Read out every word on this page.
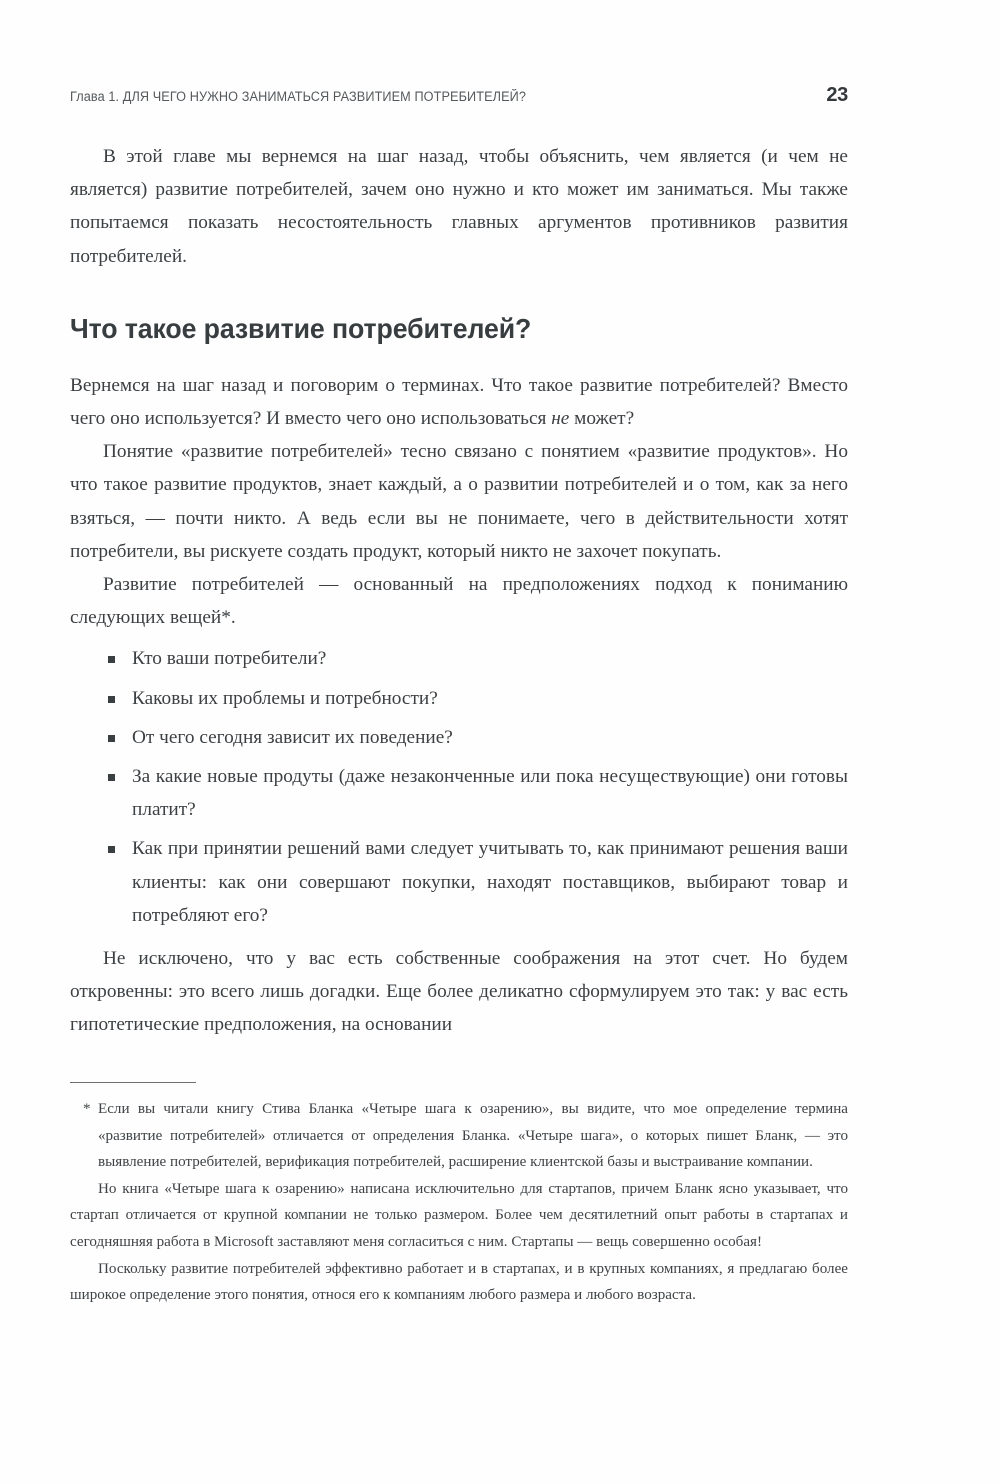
Глава 1. ДЛЯ ЧЕГО НУЖНО ЗАНИМАТЬСЯ РАЗВИТИЕМ ПОТРЕБИТЕЛЕЙ?	23

В этой главе мы вернемся на шаг назад, чтобы объяснить, чем является (и чем не является) развитие потребителей, зачем оно нужно и кто может им заниматься. Мы также попытаемся показать несостоятельность главных аргументов противников развития потребителей.

Что такое развитие потребителей?

Вернемся на шаг назад и поговорим о терминах. Что такое развитие потребителей? Вместо чего оно используется? И вместо чего оно использоваться не может?

Понятие «развитие потребителей» тесно связано с понятием «развитие продуктов». Но что такое развитие продуктов, знает каждый, а о развитии потребителей и о том, как за него взяться, — почти никто. А ведь если вы не понимаете, чего в действительности хотят потребители, вы рискуете создать продукт, который никто не захочет покупать.

Развитие потребителей — основанный на предположениях подход к пониманию следующих вещей*.

Кто ваши потребители?
Каковы их проблемы и потребности?
От чего сегодня зависит их поведение?
За какие новые продуты (даже незаконченные или пока несуществующие) они готовы платит?
Как при принятии решений вами следует учитывать то, как принимают решения ваши клиенты: как они совершают покупки, находят поставщиков, выбирают товар и потребляют его?

Не исключено, что у вас есть собственные соображения на этот счет. Но будем откровенны: это всего лишь догадки. Еще более деликатно сформулируем это так: у вас есть гипотетические предположения, на основании

* Если вы читали книгу Стива Бланка «Четыре шага к озарению», вы видите, что мое определение термина «развитие потребителей» отличается от определения Бланка. «Четыре шага», о которых пишет Бланк, — это выявление потребителей, верификация потребителей, расширение клиентской базы и выстраивание компании.

Но книга «Четыре шага к озарению» написана исключительно для стартапов, причем Бланк ясно указывает, что стартап отличается от крупной компании не только размером. Более чем десятилетний опыт работы в стартапах и сегодняшняя работа в Microsoft заставляют меня согласиться с ним. Стартапы — вещь совершенно особая!

Поскольку развитие потребителей эффективно работает и в стартапах, и в крупных компаниях, я предлагаю более широкое определение этого понятия, относя его к компаниям любого размера и любого возраста.
